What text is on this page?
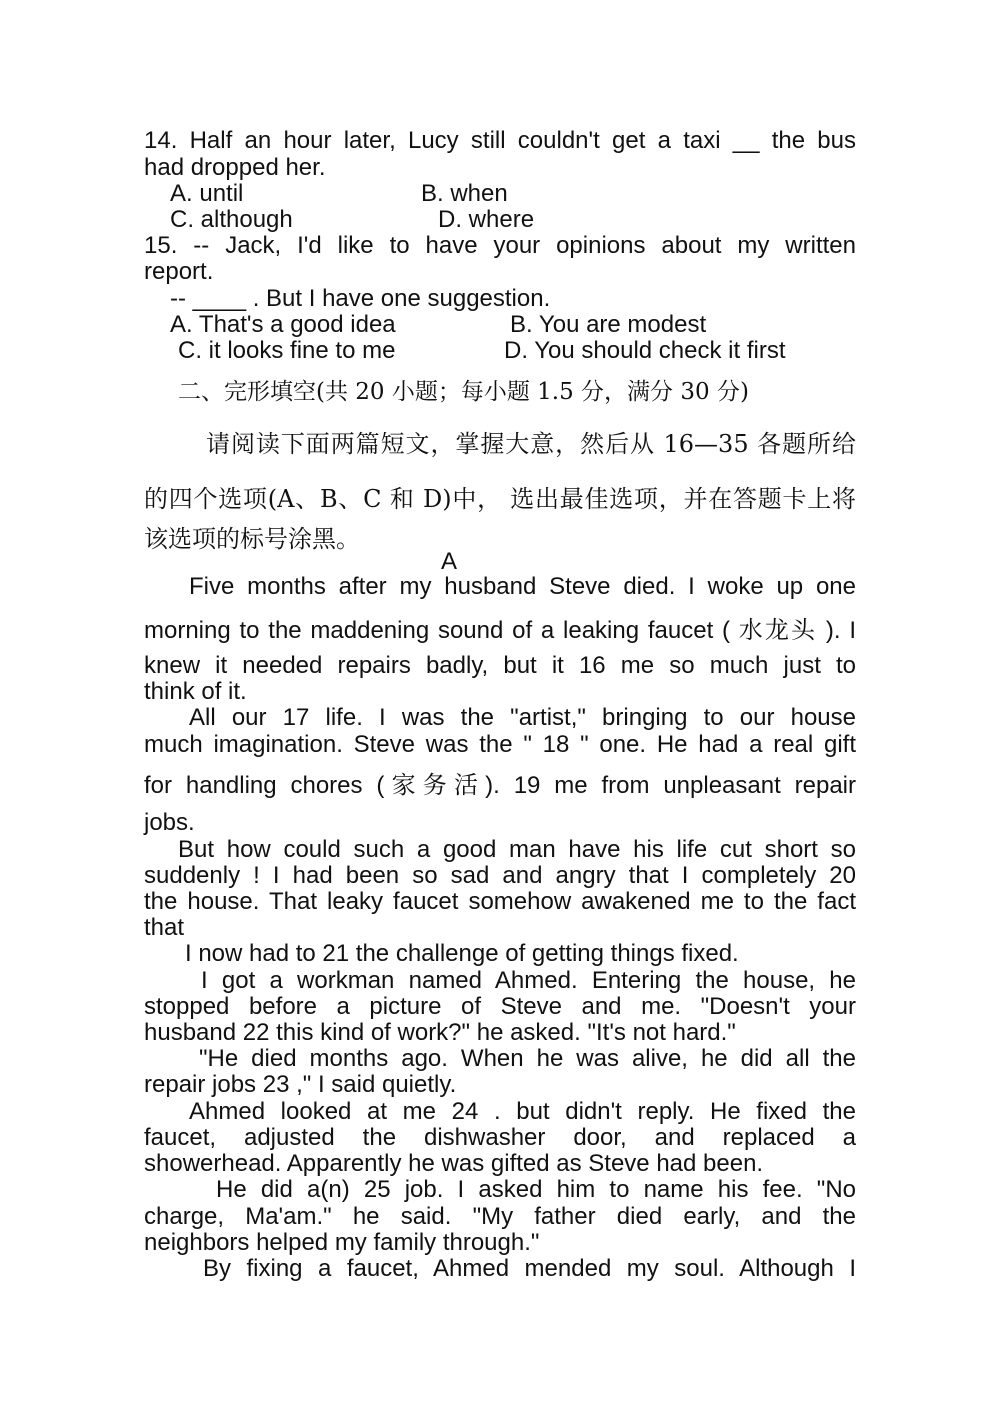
14. Half an hour later, Lucy still couldn't get a taxi __ the bus

had dropped her.

A. until	B. when
C. although	D. where

15. -- Jack, I'd like to have your opinions about my written

report.

-- ____ . But I have one suggestion.
A. That's a good idea	B. You are modest
C. it looks fine to me	D. You should check it first
二、完形填空(共 20 小题；每小题 1.5 分，满分 30 分)

请阅读下面两篇短文，掌握大意，然后从 16—35 各题所给

的四个选项(A、B、C 和 D)中， 选出最佳选项，并在答题卡上将

该选项的标号涂黑。

A

Five months after my husband Steve died. I woke up one

morning to the maddening sound of a leaking faucet ( 水龙头 ). I

knew it needed repairs badly, but it 16 me so much just to

think of it.

All our 17 life. I was the "artist," bringing to our house

much imagination. Steve was the " 18 " one. He had a real gift

for handling chores (家务活). 19 me from unpleasant repair

jobs.

But how could such a good man have his life cut short so

suddenly ! I had been so sad and angry that I completely 20

the house. That leaky faucet somehow awakened me to the fact

that

I now had to 21 the challenge of getting things fixed.

I got a workman named Ahmed. Entering the house, he

stopped before a picture of Steve and me. "Doesn't your

husband 22 this kind of work?" he asked. "It's not hard."

"He died months ago. When he was alive, he did all the

repair jobs 23 ," I said quietly.

Ahmed looked at me 24 . but didn't reply. He fixed the

faucet, adjusted the dishwasher door, and replaced a

showerhead. Apparently he was gifted as Steve had been.

He did a(n) 25 job. I asked him to name his fee. "No

charge, Ma'am." he said. "My father died early, and the

neighbors helped my family through."

By fixing a faucet, Ahmed mended my soul. Although I
